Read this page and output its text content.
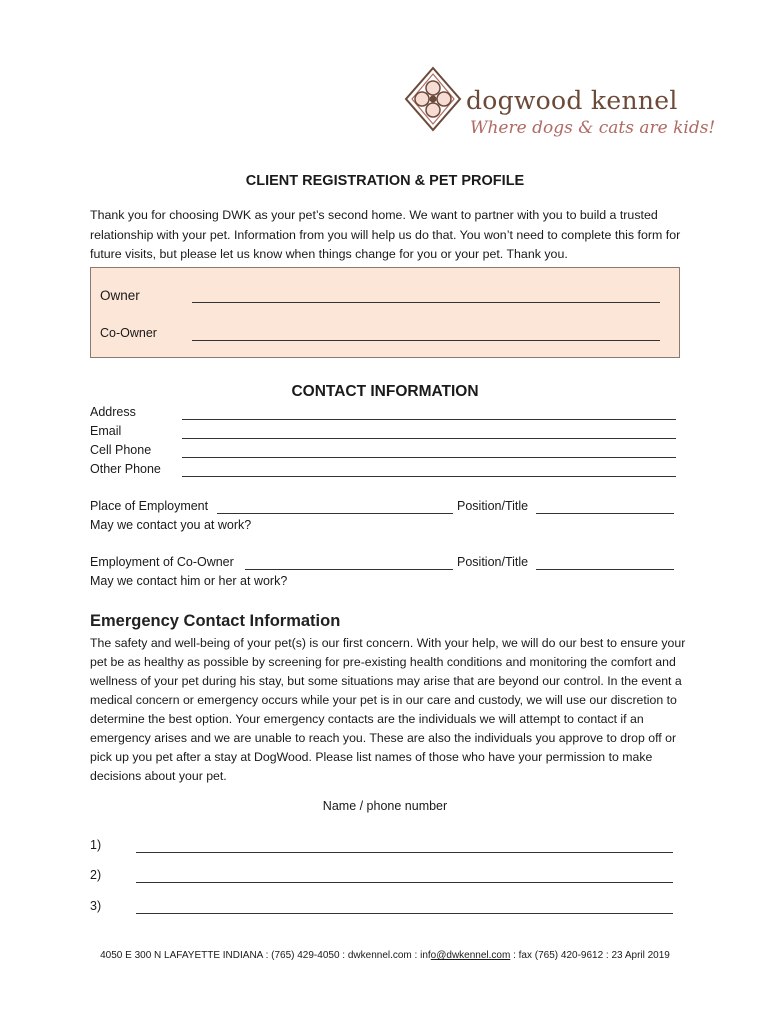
dogwood kennel
Where dogs & cats are kids!
CLIENT REGISTRATION & PET PROFILE
Thank you for choosing DWK as your pet’s second home. We want to partner with you to build a trusted relationship with your pet. Information from you will help us do that. You won’t need to complete this form for future visits, but please let us know when things change for you or your pet. Thank you.
Owner
Co-Owner
CONTACT INFORMATION
Address
Email
Cell Phone
Other Phone
Place of Employment	Position/Title
May we contact you at work?
Employment of Co-Owner	Position/Title
May we contact him or her at work?
Emergency Contact Information
The safety and well-being of your pet(s) is our first concern. With your help, we will do our best to ensure your pet be as healthy as possible by screening for pre-existing health conditions and monitoring the comfort and wellness of your pet during his stay, but some situations may arise that are beyond our control. In the event a medical concern or emergency occurs while your pet is in our care and custody, we will use our discretion to determine the best option. Your emergency contacts are the individuals we will attempt to contact if an emergency arises and we are unable to reach you. These are also the individuals you approve to drop off or pick up you pet after a stay at DogWood. Please list names of those who have your permission to make decisions about your pet.
Name / phone number
1)
2)
3)
4050 E 300 N LAFAYETTE INDIANA : (765) 429-4050 : dwkennel.com : info@dwkennel.com : fax (765) 420-9612 : 23 April 2019
